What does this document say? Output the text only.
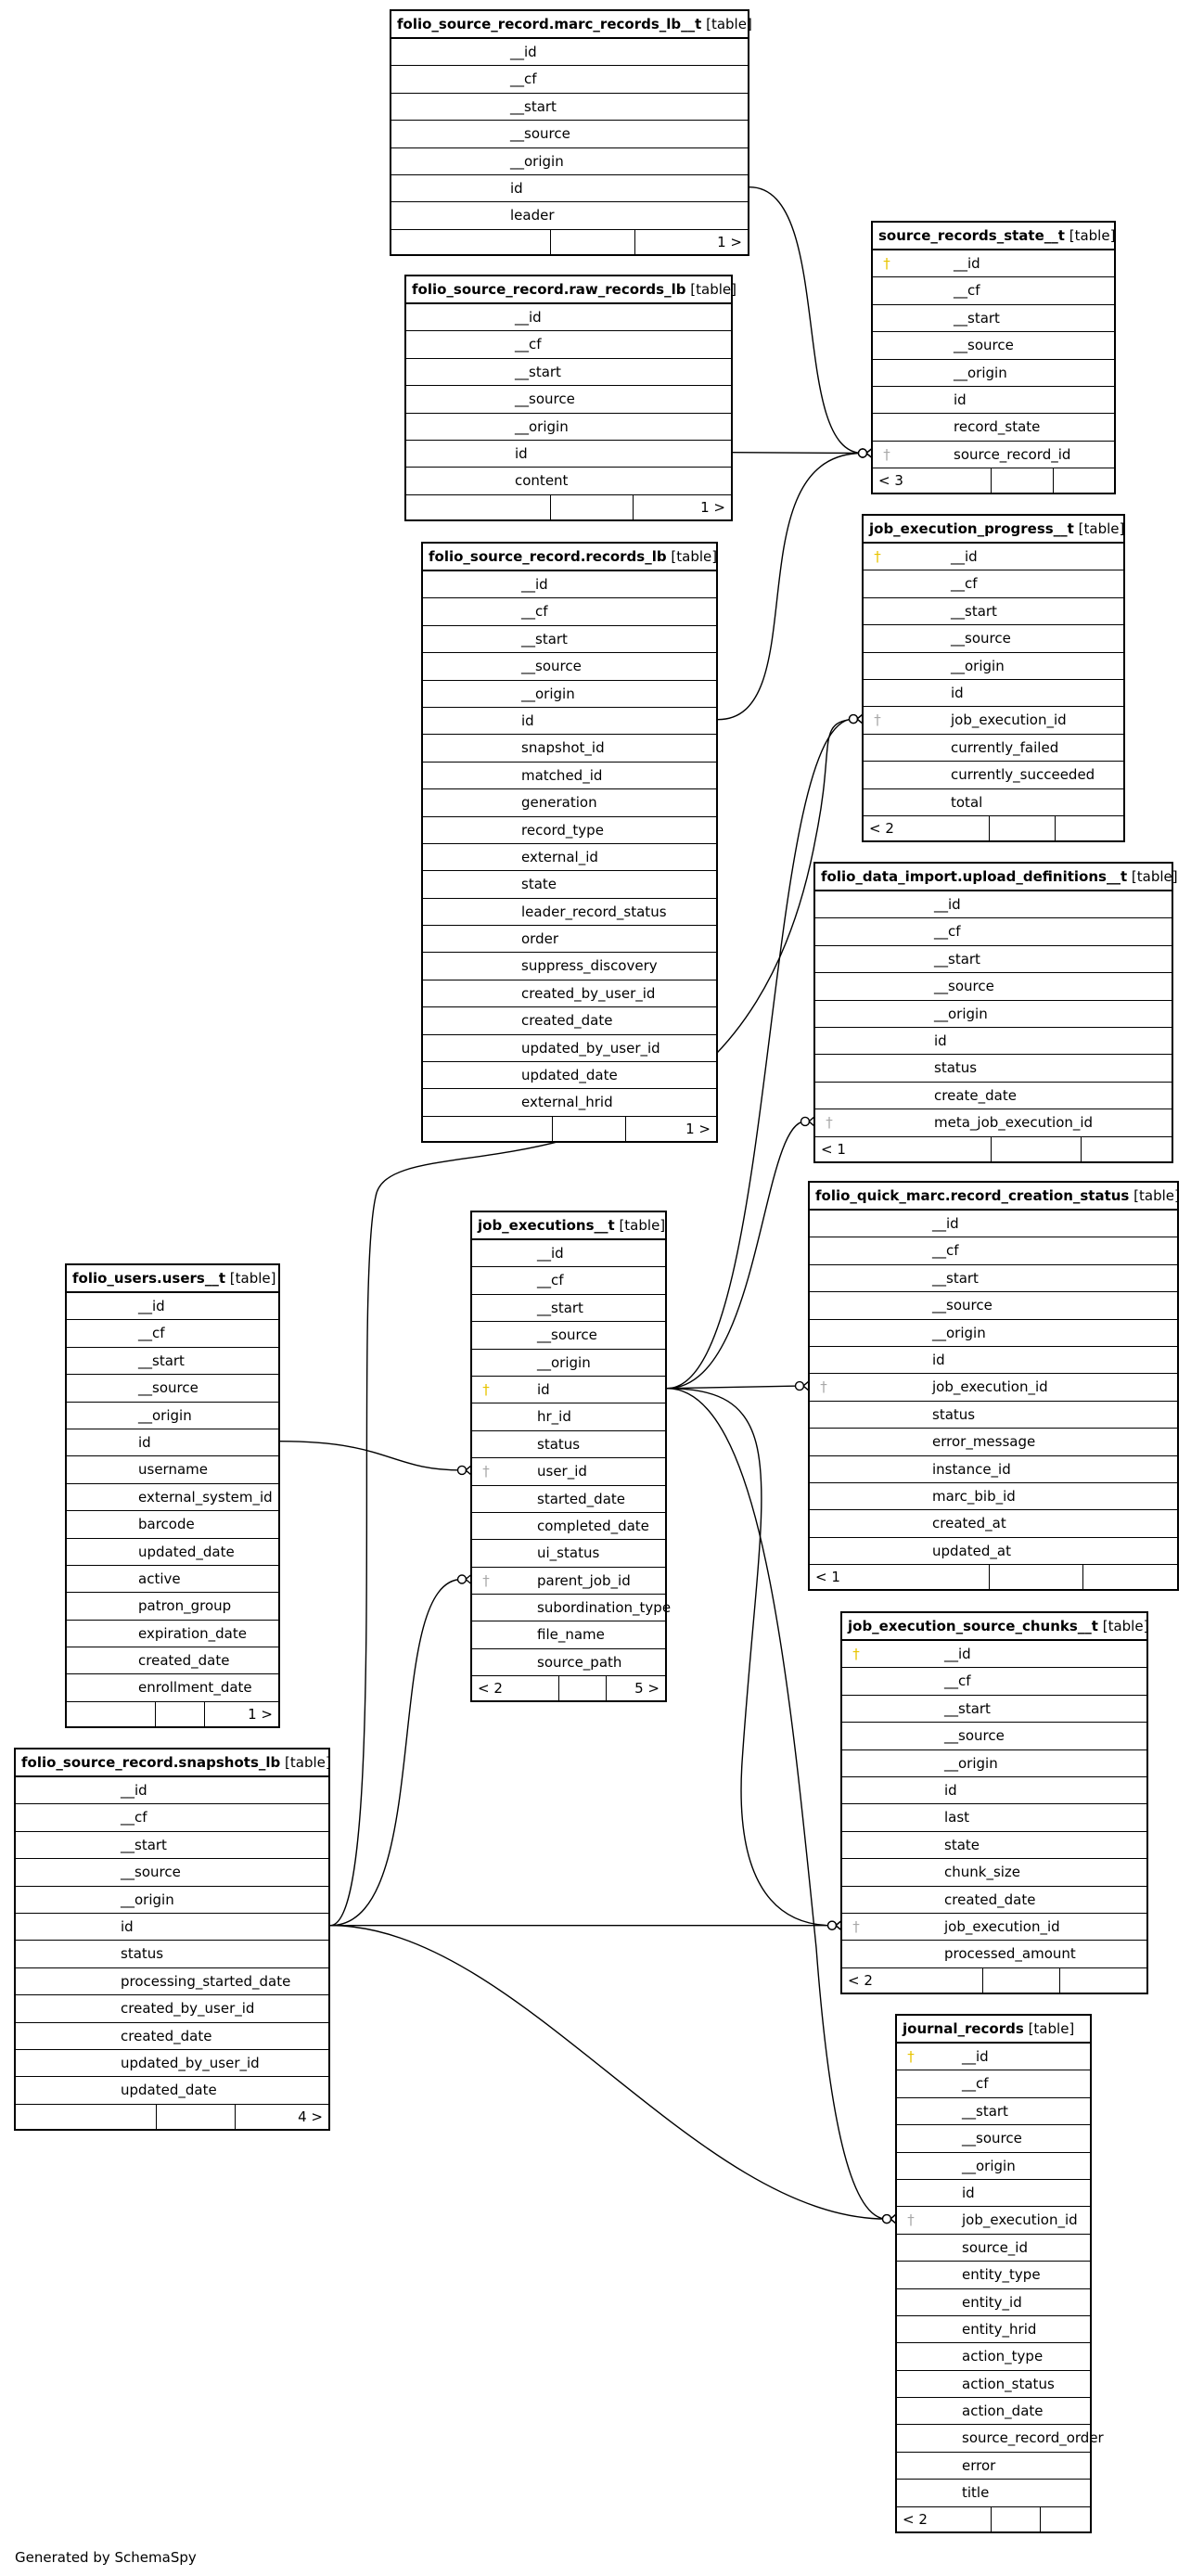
folio_source_record.marc_records_lb__t [table]
__id
__cf
__start
__source
__origin
id
leader
1 >
folio_source_record.raw_records_lb [table]
__id
__cf
__start
__source
__origin
id
content
1 >
folio_source_record.records_lb [table]
__id
__cf
__start
__source
__origin
id
snapshot_id
matched_id
generation
record_type
external_id
state
leader_record_status
order
suppress_discovery
created_by_user_id
created_date
updated_by_user_id
updated_date
external_hrid
1 >
source_records_state__t [table]
†	__id
__cf
__start
__source
__origin
id
record_state
†	source_record_id
< 3
job_execution_progress__t [table]
†	__id
__cf
__start
__source
__origin
id
†	job_execution_id
currently_failed
currently_succeeded
total
< 2
folio_data_import.upload_definitions__t [table]
__id
__cf
__start
__source
__origin
id
status
create_date
†	meta_job_execution_id
< 1
folio_quick_marc.record_creation_status [table]
__id
__cf
__start
__source
__origin
id
†	job_execution_id
status
error_message
instance_id
marc_bib_id
created_at
updated_at
< 1
folio_users.users__t [table]
__id
__cf
__start
__source
__origin
id
username
external_system_id
barcode
updated_date
active
patron_group
expiration_date
created_date
enrollment_date
1 >
job_executions__t [table]
__id
__cf
__start
__source
__origin
†	id
hr_id
status
†	user_id
started_date
completed_date
ui_status
†	parent_job_id
subordination_type
file_name
source_path
< 2	5 >
job_execution_source_chunks__t [table]
†	__id
__cf
__start
__source
__origin
id
last
state
chunk_size
created_date
†	job_execution_id
processed_amount
< 2
folio_source_record.snapshots_lb [table]
__id
__cf
__start
__source
__origin
id
status
processing_started_date
created_by_user_id
created_date
updated_by_user_id
updated_date
4 >
journal_records [table]
†	__id
__cf
__start
__source
__origin
id
†	job_execution_id
source_id
entity_type
entity_id
entity_hrid
action_type
action_status
action_date
source_record_order
error
title
< 2
Generated by SchemaSpy
